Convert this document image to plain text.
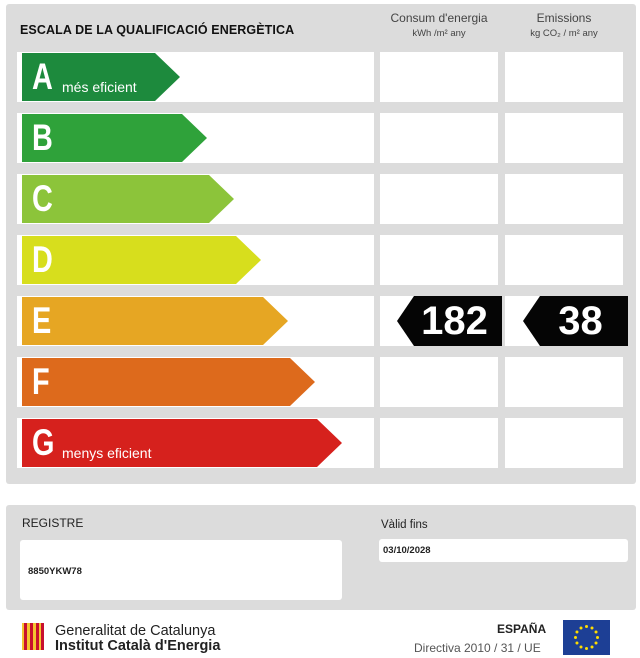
ESCALA DE LA QUALIFICACIÓ ENERGÈTICA
Consum d'energia
kWh /m² any
Emissions
kg CO₂ / m² any
A més eficient
B
C
D
E
F
G menys eficient
182	38
REGISTRE
8850YKW78
Vàlid fins
03/10/2028
Generalitat de Catalunya
Institut Català d'Energia
ESPAÑA
Directiva 2010 / 31 / UE
